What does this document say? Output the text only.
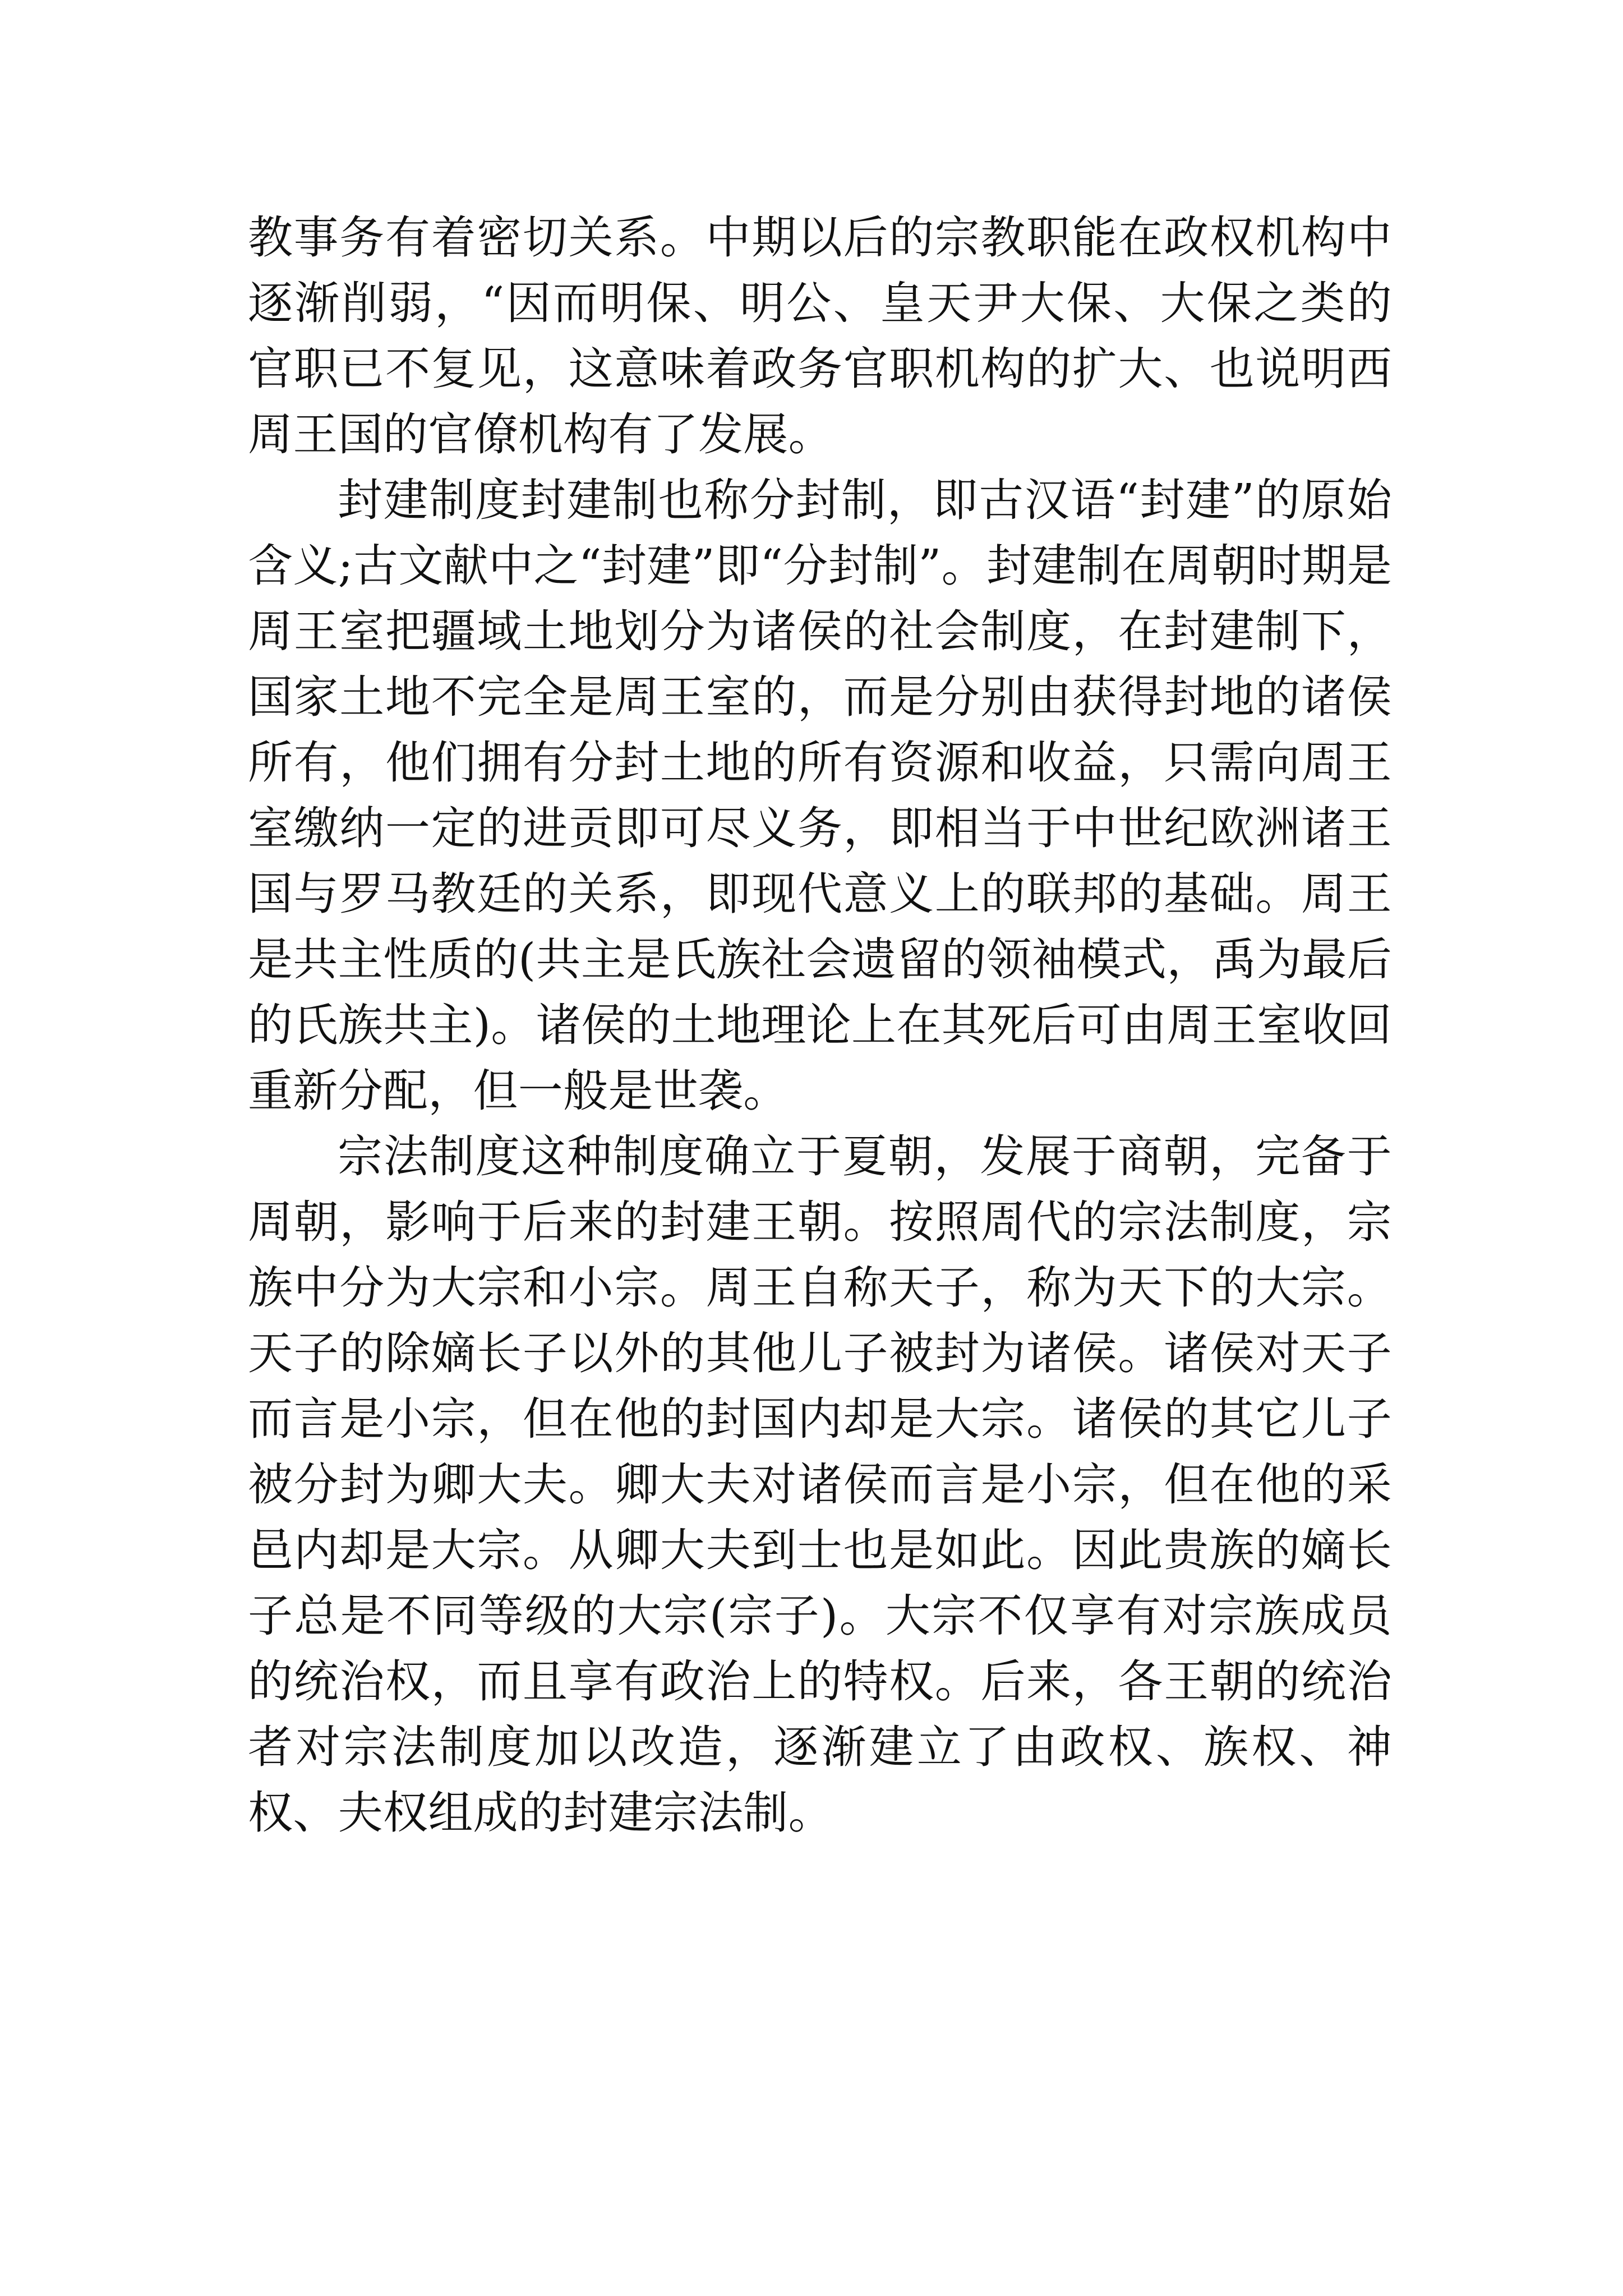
教事务有着密切关系。中期以后的宗教职能在政权机构中逐渐削弱，“因而明保、明公、皇天尹大保、大保之类的官职已不复见，这意味着政务官职机构的扩大、也说明西周王国的官僚机构有了发展。

封建制度封建制也称分封制，即古汉语“封建”的原始含义;古文献中之“封建”即“分封制”。封建制在周朝时期是周王室把疆域土地划分为诸侯的社会制度，在封建制下，国家土地不完全是周王室的，而是分别由获得封地的诸侯所有，他们拥有分封土地的所有资源和收益，只需向周王室缴纳一定的进贡即可尽义务，即相当于中世纪欧洲诸王国与罗马教廷的关系，即现代意义上的联邦的基础。周王是共主性质的(共主是氏族社会遗留的领袖模式，禹为最后的氏族共主)。诸侯的土地理论上在其死后可由周王室收回重新分配，但一般是世袭。

宗法制度这种制度确立于夏朝，发展于商朝，完备于周朝，影响于后来的封建王朝。按照周代的宗法制度，宗族中分为大宗和小宗。周王自称天子，称为天下的大宗。天子的除嫡长子以外的其他儿子被封为诸侯。诸侯对天子而言是小宗，但在他的封国内却是大宗。诸侯的其它儿子被分封为卿大夫。卿大夫对诸侯而言是小宗，但在他的采邑内却是大宗。从卿大夫到士也是如此。因此贵族的嫡长子总是不同等级的大宗(宗子)。大宗不仅享有对宗族成员的统治权，而且享有政治上的特权。后来，各王朝的统治者对宗法制度加以改造，逐渐建立了由政权、族权、神权、夫权组成的封建宗法制。
